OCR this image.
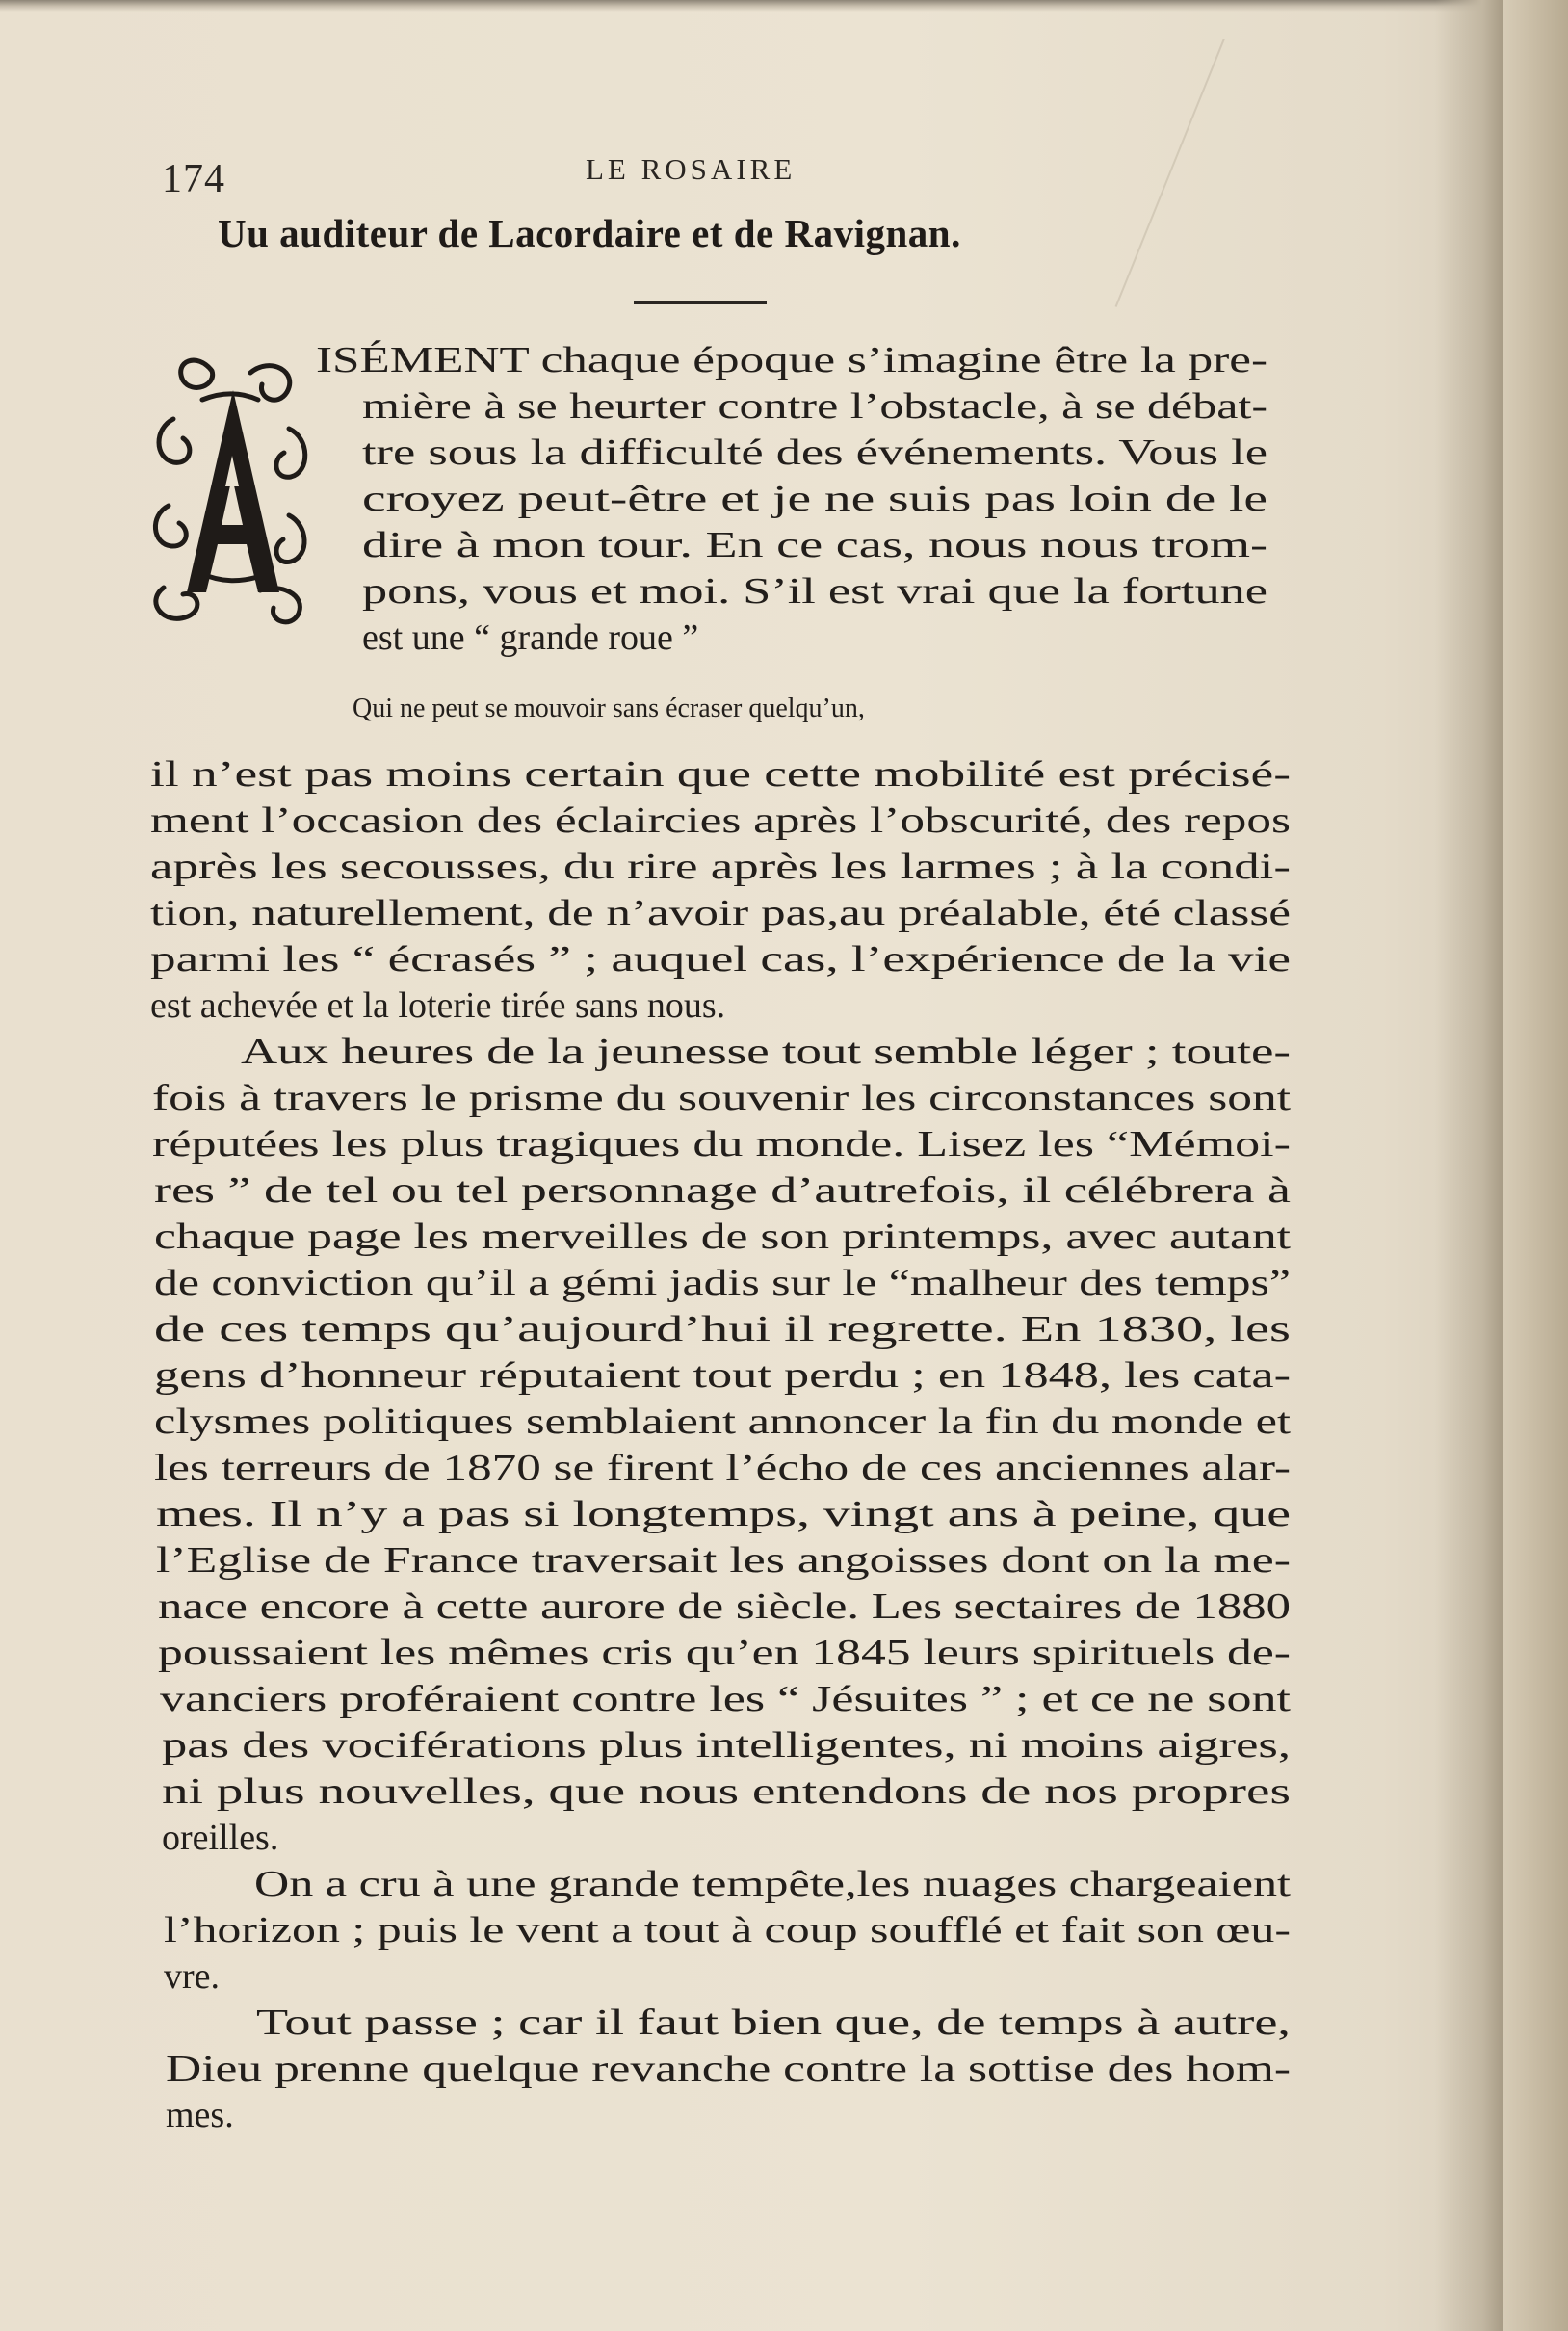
174	LE ROSAIRE
Uu auditeur de Lacordaire et de Ravignan.
ISÉMENT chaque époque s’imagine être la pre-
mière à se heurter contre l’obstacle, à se débat-
tre sous la difficulté des événements. Vous le
croyez peut-être et je ne suis pas loin de le
dire à mon tour. En ce cas, nous nous trom-
pons, vous et moi. S’il est vrai que la fortune
est une “ grande roue ”
Qui ne peut se mouvoir sans écraser quelqu’un,
il n’est pas moins certain que cette mobilité est précisé-
ment l’occasion des éclaircies après l’obscurité, des repos
après les secousses, du rire après les larmes ; à la condi-
tion, naturellement, de n’avoir pas,au préalable, été classé
parmi les “ écrasés ” ; auquel cas, l’expérience de la vie
est achevée et la loterie tirée sans nous.
Aux heures de la jeunesse tout semble léger ; toute-
fois à travers le prisme du souvenir les circonstances sont
réputées les plus tragiques du monde. Lisez les “Mémoi-
res ” de tel ou tel personnage d’autrefois, il célébrera à
chaque page les merveilles de son printemps, avec autant
de conviction qu’il a gémi jadis sur le “malheur des temps”
de ces temps qu’aujourd’hui il regrette. En 1830, les
gens d’honneur réputaient tout perdu ; en 1848, les cata-
clysmes politiques semblaient annoncer la fin du monde et
les terreurs de 1870 se firent l’écho de ces anciennes alar-
mes. Il n’y a pas si longtemps, vingt ans à peine, que
l’Eglise de France traversait les angoisses dont on la me-
nace encore à cette aurore de siècle. Les sectaires de 1880
poussaient les mêmes cris qu’en 1845 leurs spirituels de-
vanciers proféraient contre les “ Jésuites ” ; et ce ne sont
pas des vociférations plus intelligentes, ni moins aigres,
ni plus nouvelles, que nous entendons de nos propres
oreilles.
On a cru à une grande tempête,les nuages chargeaient
l’horizon ; puis le vent a tout à coup soufflé et fait son œu-
vre.
Tout passe ; car il faut bien que, de temps à autre,
Dieu prenne quelque revanche contre la sottise des hom-
mes.
